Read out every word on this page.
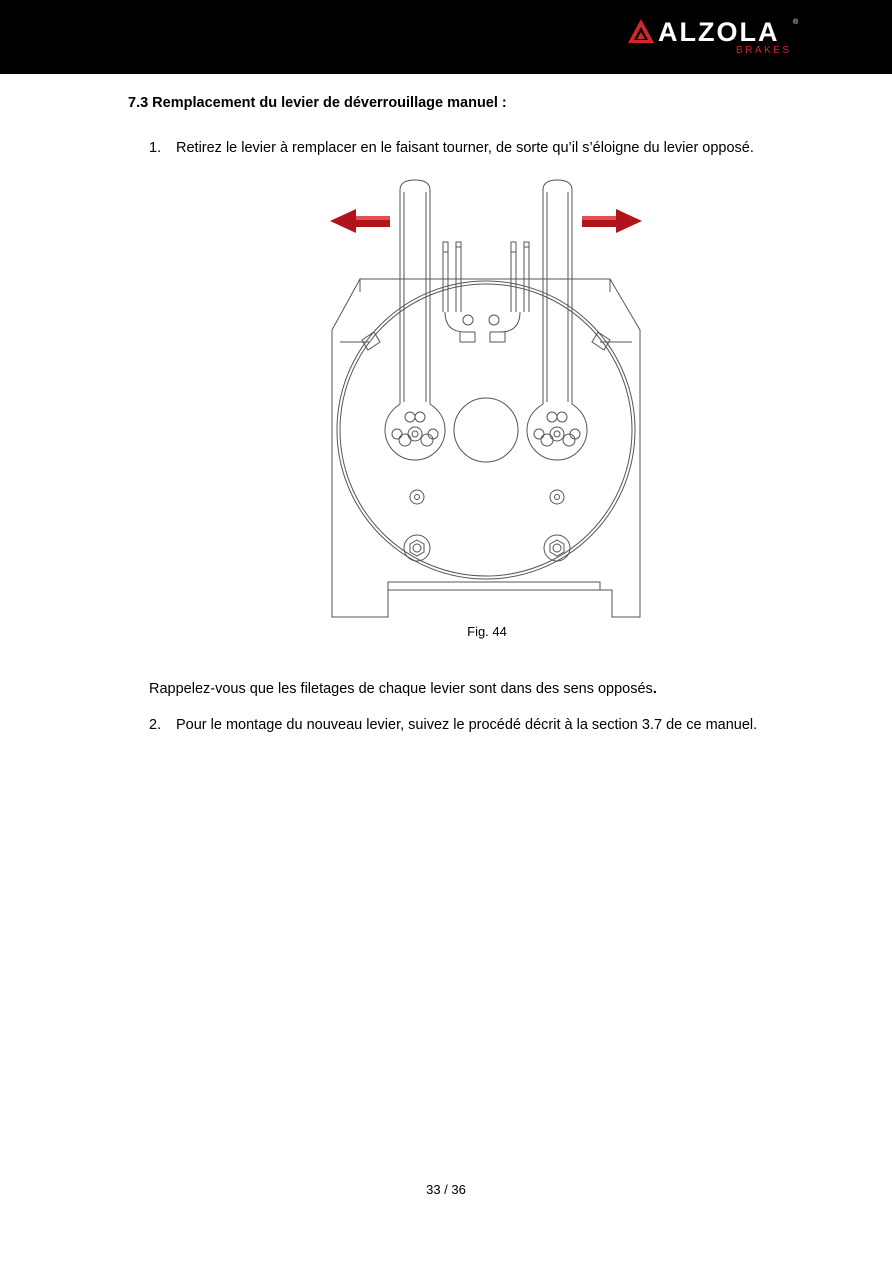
ALZOLA ®
BRAKES
7.3 Remplacement du levier de déverrouillage manuel :
1. Retirez le levier à remplacer en le faisant tourner, de sorte qu’il s’éloigne du levier opposé.
Fig. 44
Rappelez-vous que les filetages de chaque levier sont dans des sens opposés.
2. Pour le montage du nouveau levier, suivez le procédé décrit à la section 3.7 de ce manuel.
33 / 36
